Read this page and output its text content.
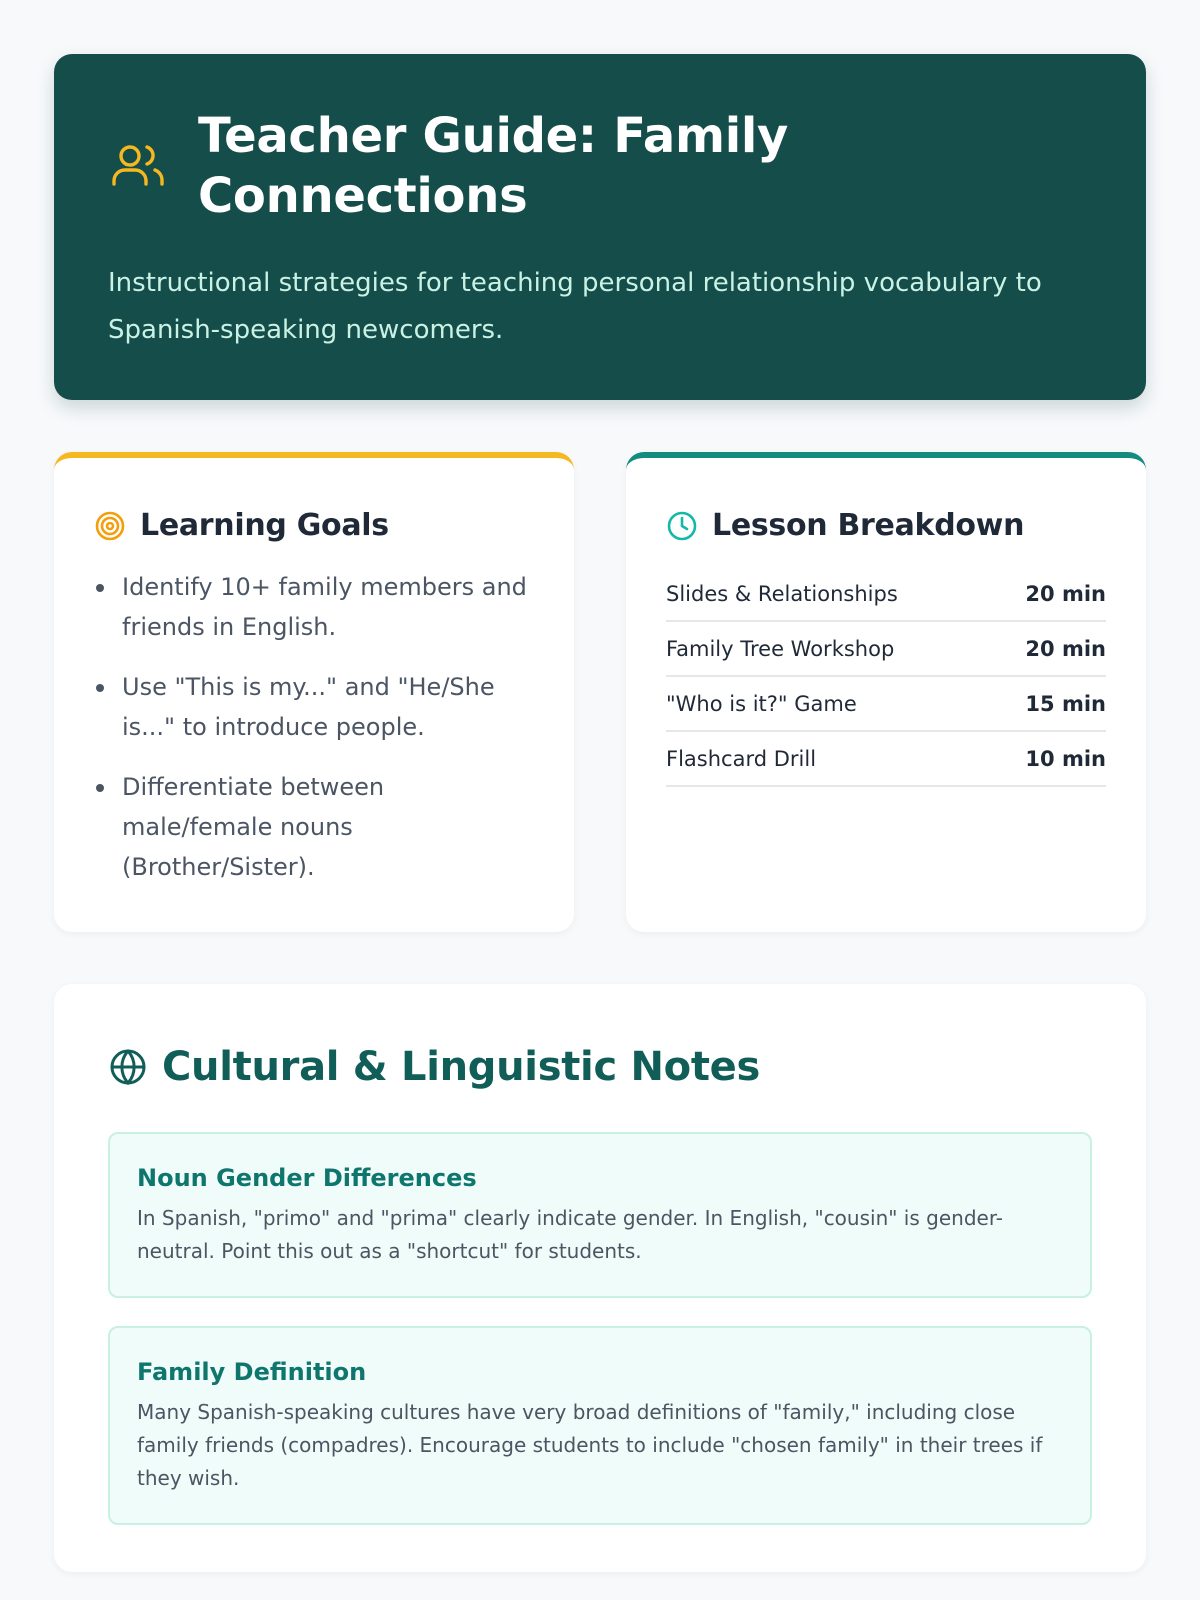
Teacher Guide: Family Connections

Instructional strategies for teaching personal relationship vocabulary to Spanish-speaking newcomers.

Learning Goals
Identify 10+ family members and friends in English.
Use "This is my..." and "He/She is..." to introduce people.
Differentiate between male/female nouns (Brother/Sister).
Lesson Breakdown
Slides & Relationships	20 min
Family Tree Workshop	20 min
"Who is it?" Game	15 min
Flashcard Drill	10 min
Cultural & Linguistic Notes
Noun Gender Differences

In Spanish, "primo" and "prima" clearly indicate gender. In English, "cousin" is gender-neutral. Point this out as a "shortcut" for students.

Family Definition

Many Spanish-speaking cultures have very broad definitions of "family," including close family friends (compadres). Encourage students to include "chosen family" in their trees if they wish.
